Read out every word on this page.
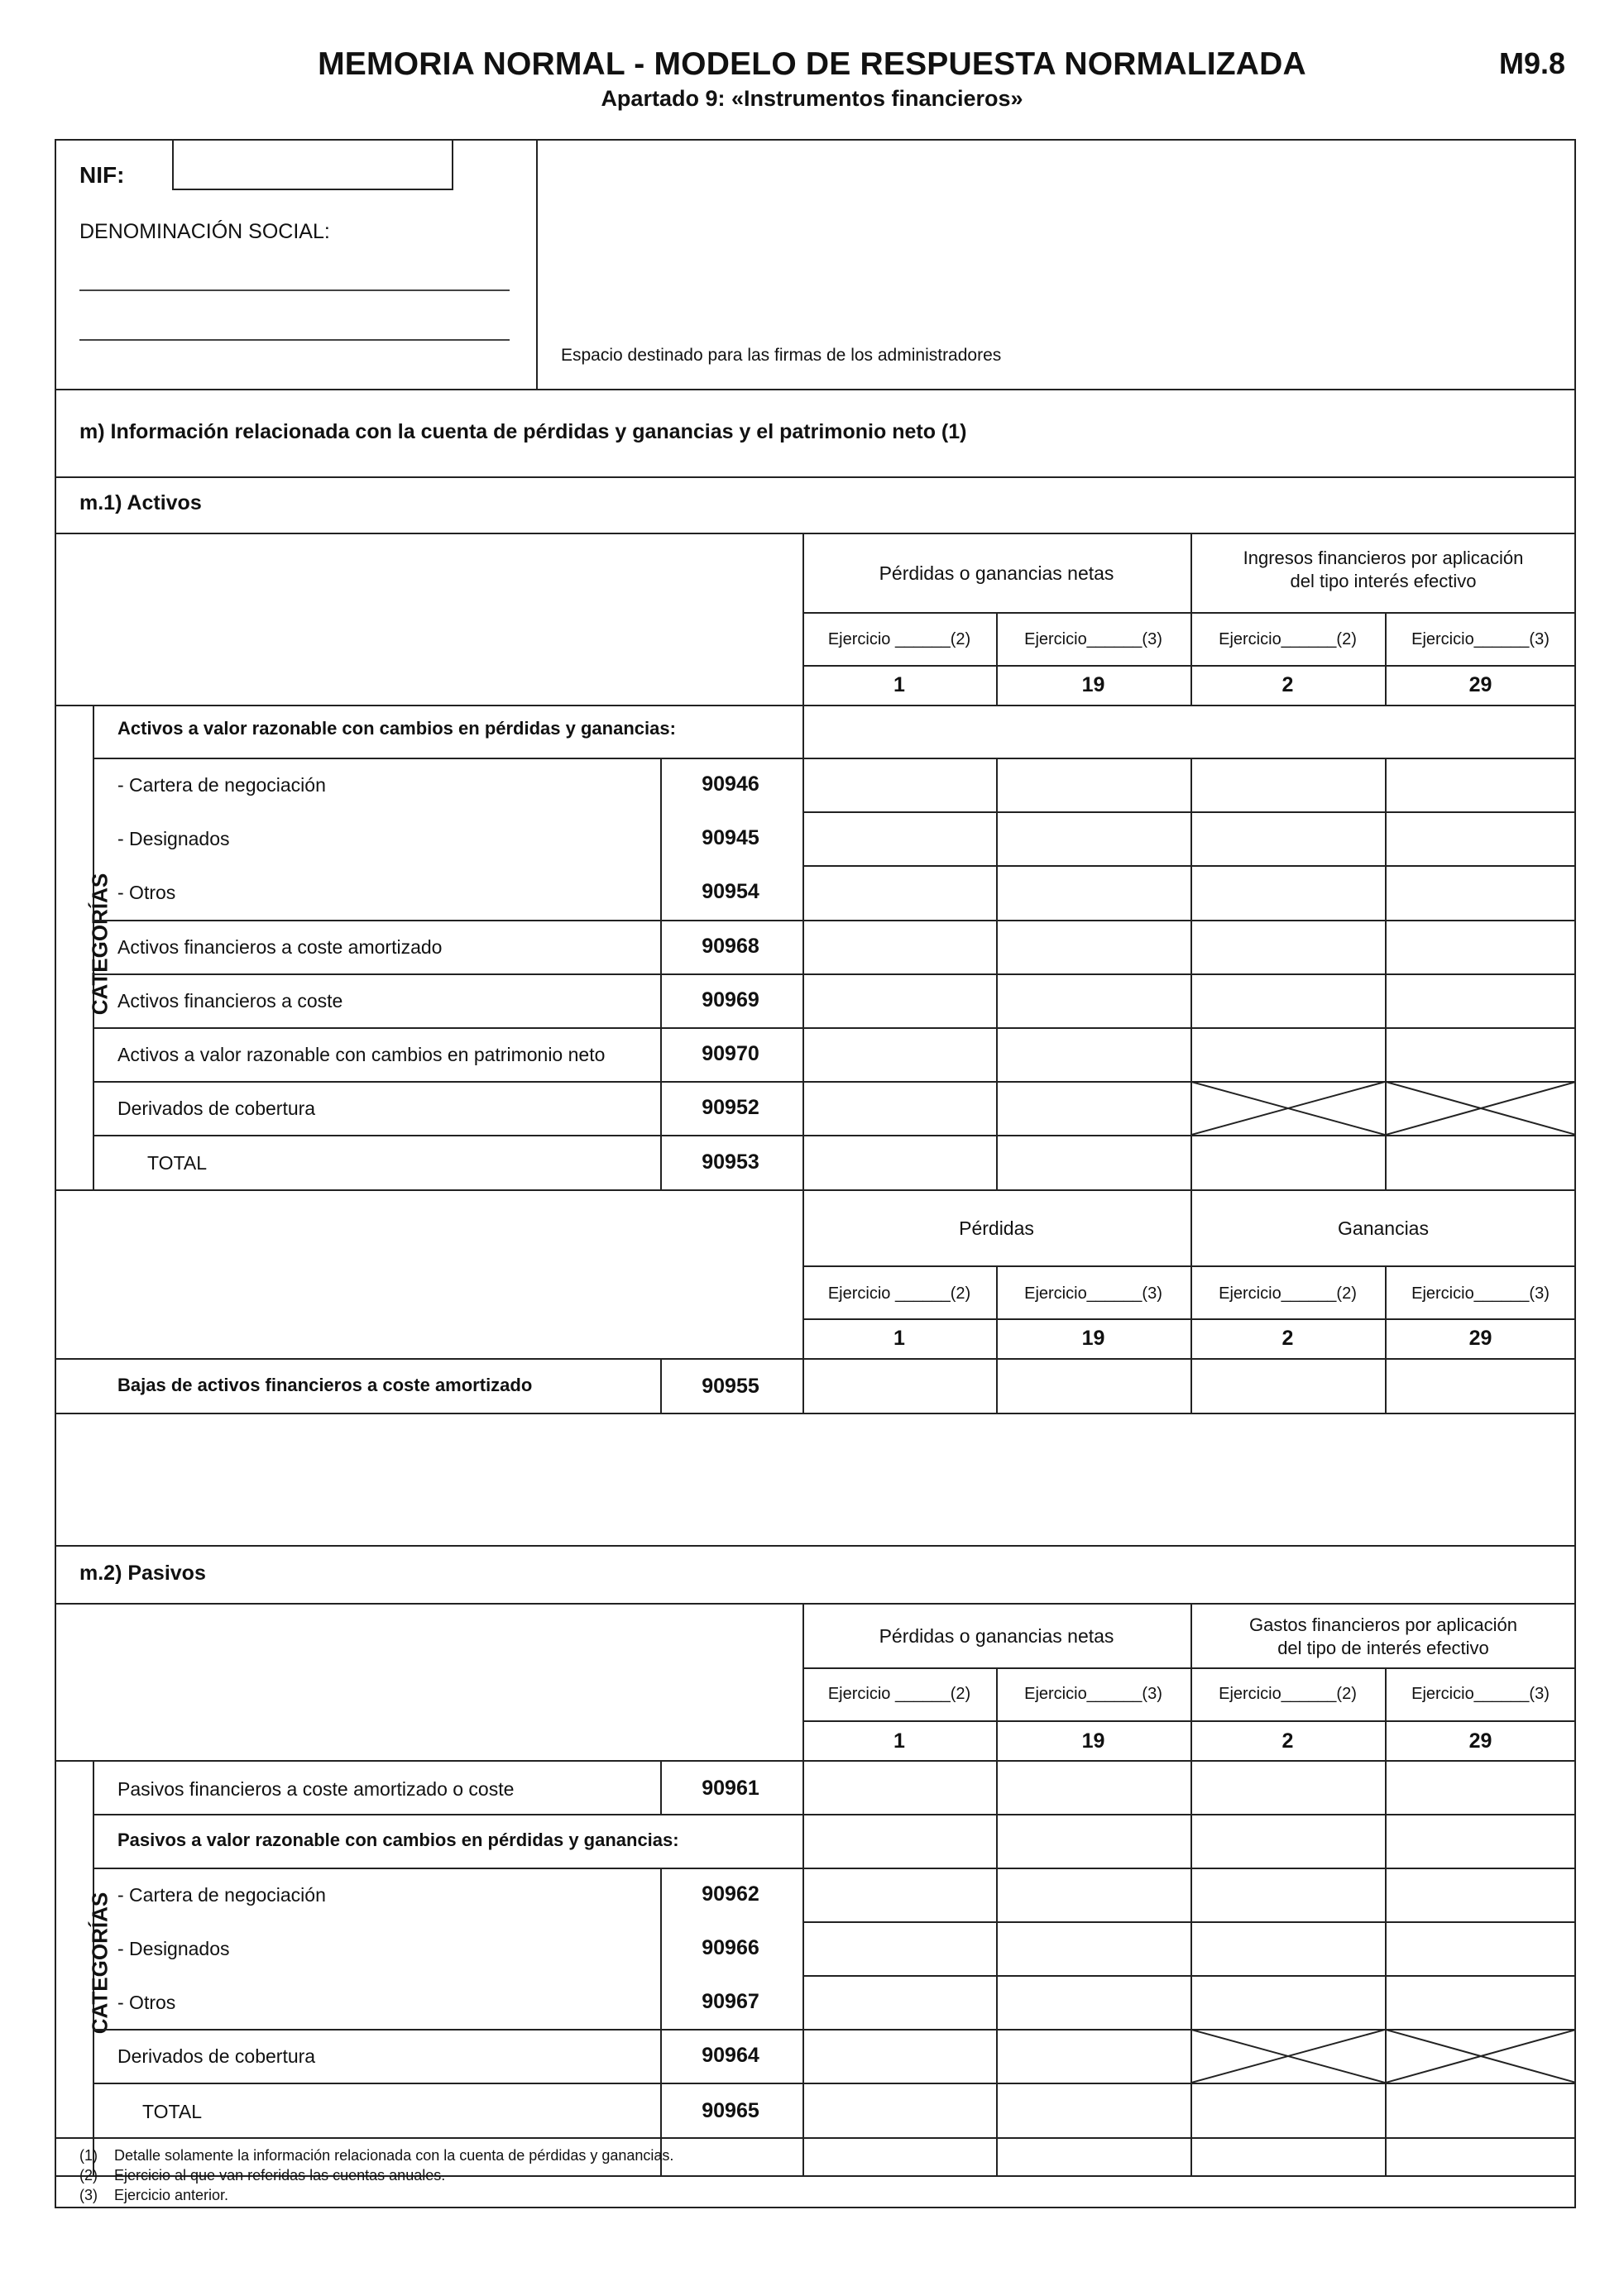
MEMORIA NORMAL - MODELO DE RESPUESTA NORMALIZADA
Apartado 9: «Instrumentos financieros»
M9.8
NIF:
DENOMINACIÓN SOCIAL:
Espacio destinado para las firmas de los administradores
m) Información relacionada con la cuenta de pérdidas y ganancias y el patrimonio neto (1)
m.1) Activos
Pérdidas o ganancias netas
Ingresos financieros por aplicación
del tipo interés efectivo
Ejercicio ______(2)	Ejercicio______(3)	Ejercicio______(2)	Ejercicio______(3)
1	19	2	29
CATEGORÍAS
Activos a valor razonable con cambios en pérdidas y ganancias:
- Cartera de negociación	90946
- Designados	90945
- Otros	90954
Activos financieros a coste amortizado	90968
Activos financieros a coste	90969
Activos a valor razonable con cambios en patrimonio neto	90970
Derivados de cobertura	90952
TOTAL	90953
Pérdidas	Ganancias
Ejercicio ______(2)	Ejercicio______(3)	Ejercicio______(2)	Ejercicio______(3)
1	19	2	29
Bajas de activos financieros a coste amortizado	90955
m.2) Pasivos
Pérdidas o ganancias netas
Gastos financieros por aplicación
del tipo de interés efectivo
Ejercicio ______(2)	Ejercicio______(3)	Ejercicio______(2)	Ejercicio______(3)
1	19	2	29
CATEGORÍAS
Pasivos financieros a coste amortizado o coste	90961
Pasivos a valor razonable con cambios en pérdidas y ganancias:
- Cartera de negociación	90962
- Designados	90966
- Otros	90967
Derivados de cobertura	90964
TOTAL	90965
(1) Detalle solamente la información relacionada con la cuenta de pérdidas y ganancias.
(2) Ejercicio al que van referidas las cuentas anuales.
(3) Ejercicio anterior.
